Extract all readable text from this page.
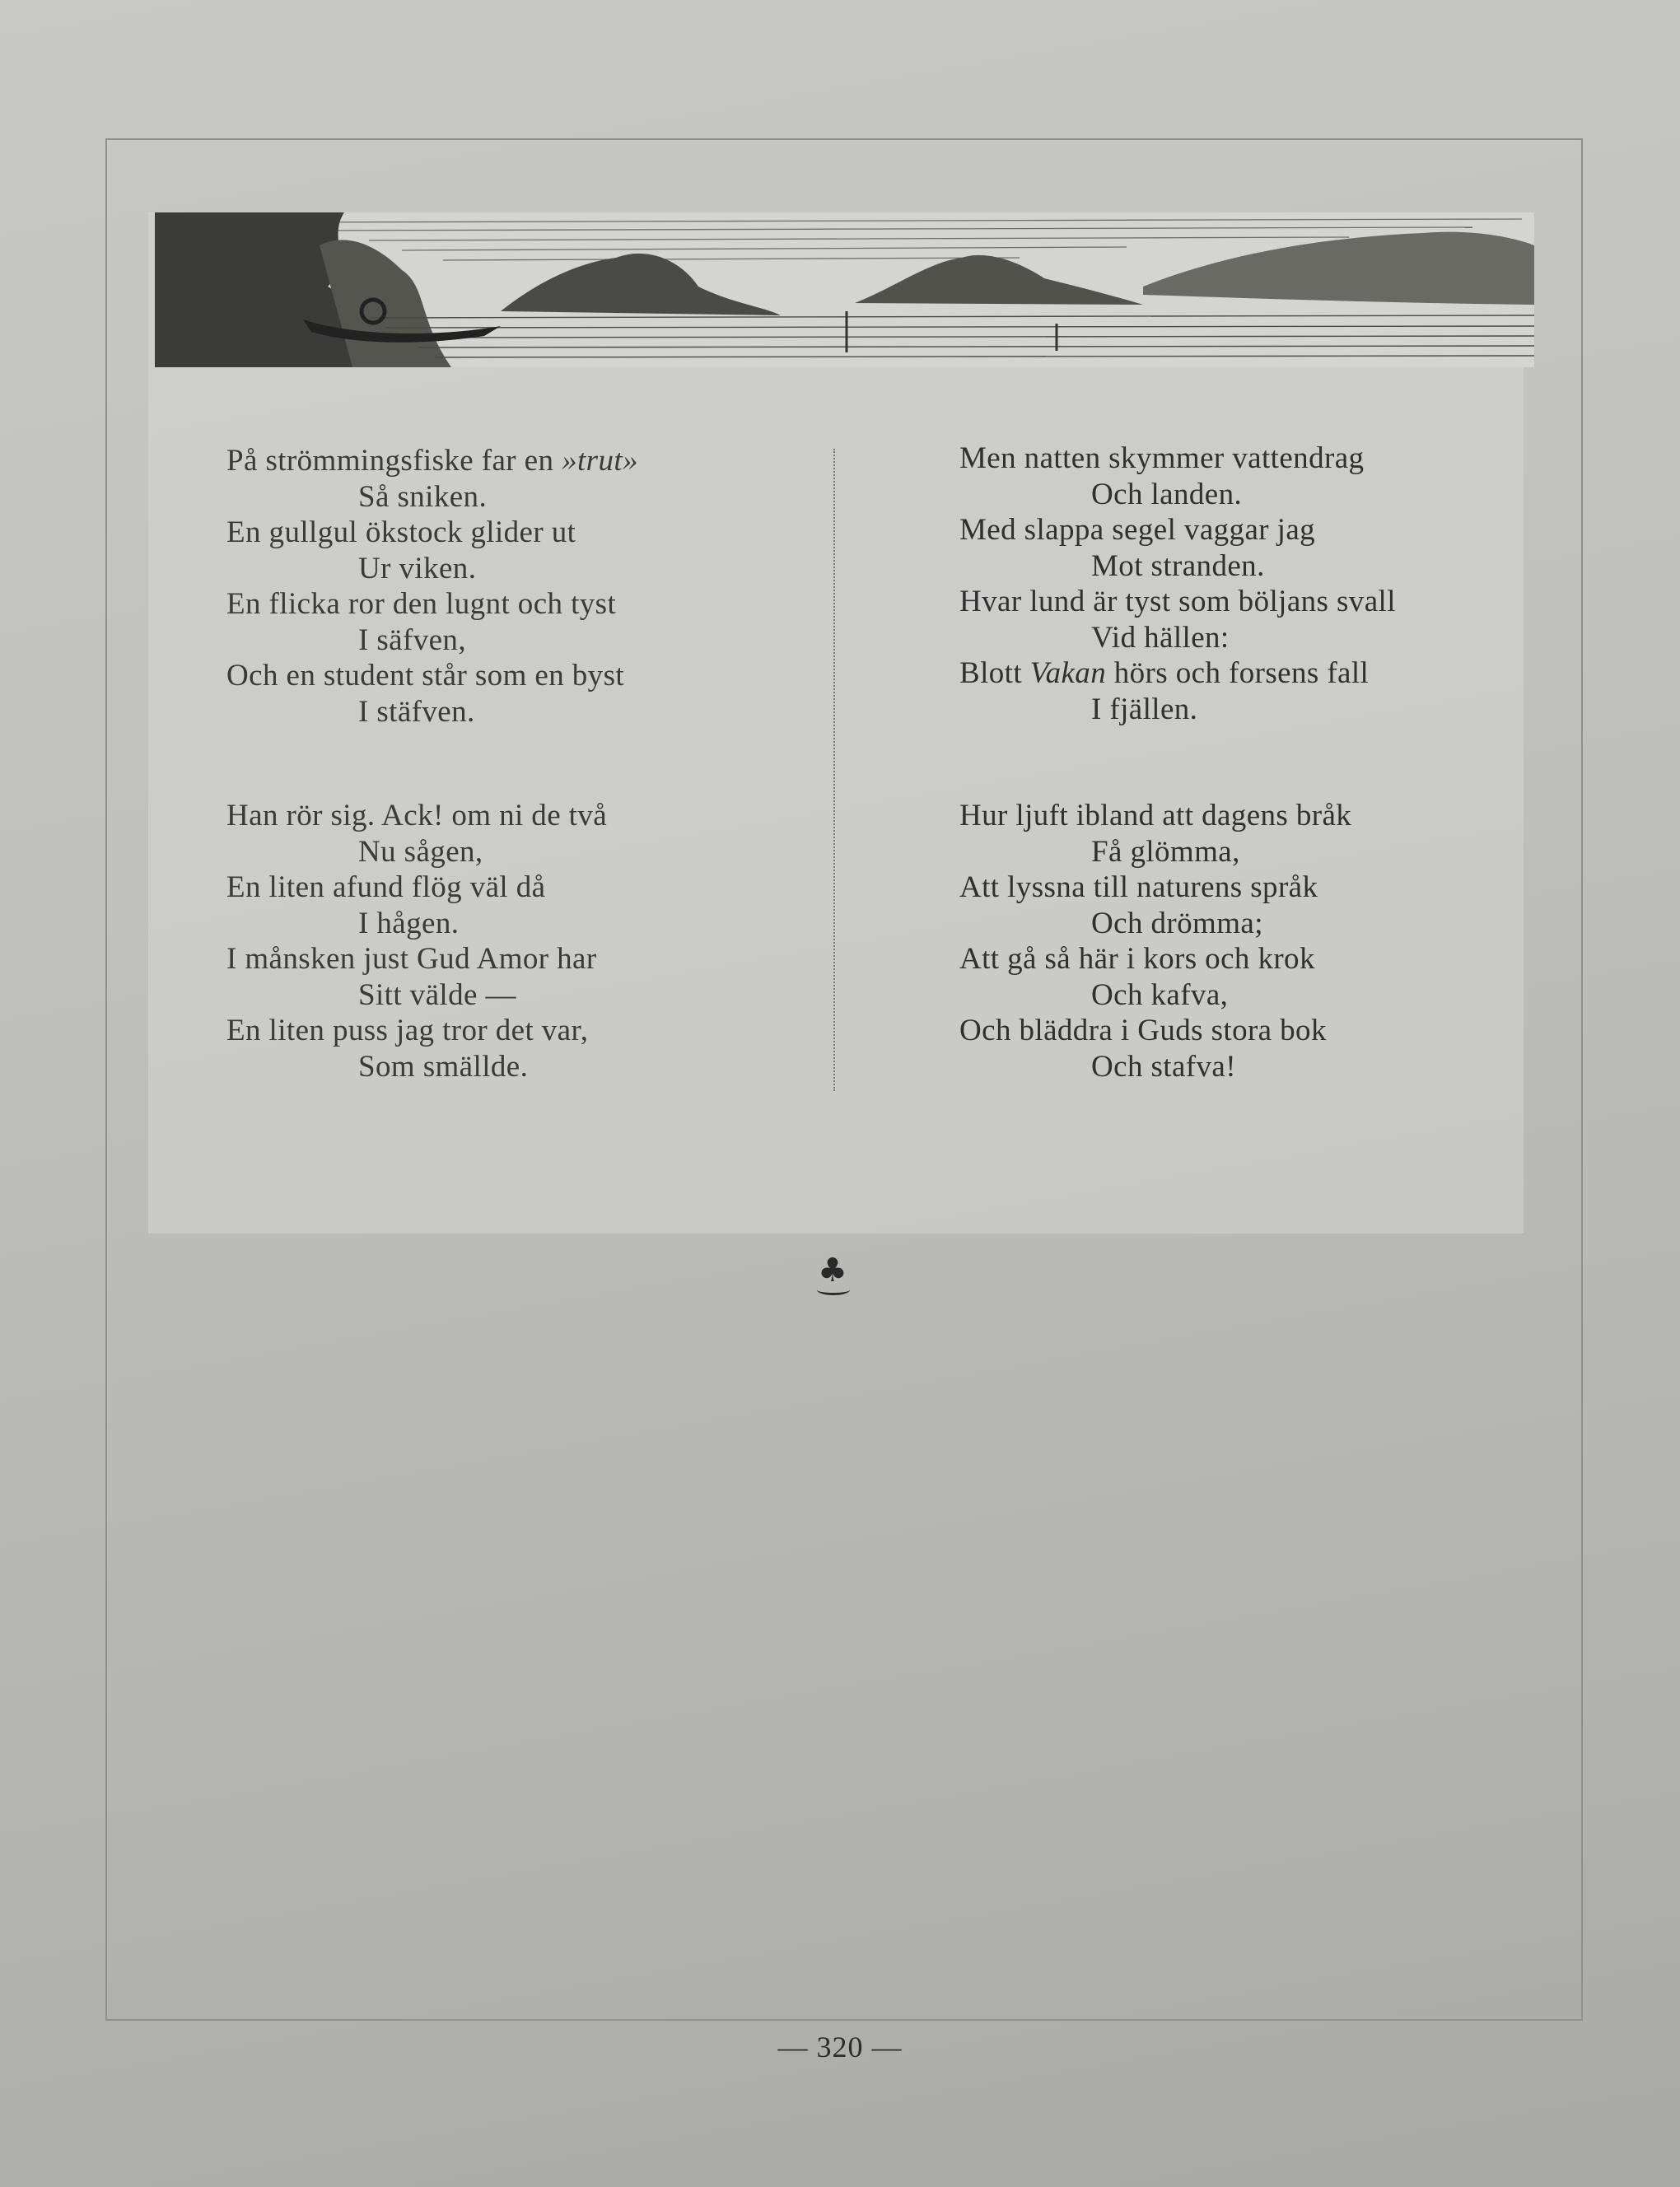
På strömmingsfiske far en »trut»
Så sniken.
En gullgul ökstock glider ut
Ur viken.
En flicka ror den lugnt och tyst
I säfven,
Och en student står som en byst
I stäfven.
Han rör sig. Ack! om ni de två
Nu sågen,
En liten afund flög väl då
I hågen.
I månsken just Gud Amor har
Sitt välde —
En liten puss jag tror det var,
Som smällde.
Men natten skymmer vattendrag
Och landen.
Med slappa segel vaggar jag
Mot stranden.
Hvar lund är tyst som böljans svall
Vid hällen:
Blott Vakan hörs och forsens fall
I fjällen.
Hur ljuft ibland att dagens bråk
Få glömma,
Att lyssna till naturens språk
Och drömma;
Att gå så här i kors och krok
Och kafva,
Och bläddra i Guds stora bok
Och stafva!
♣
— 320 —
